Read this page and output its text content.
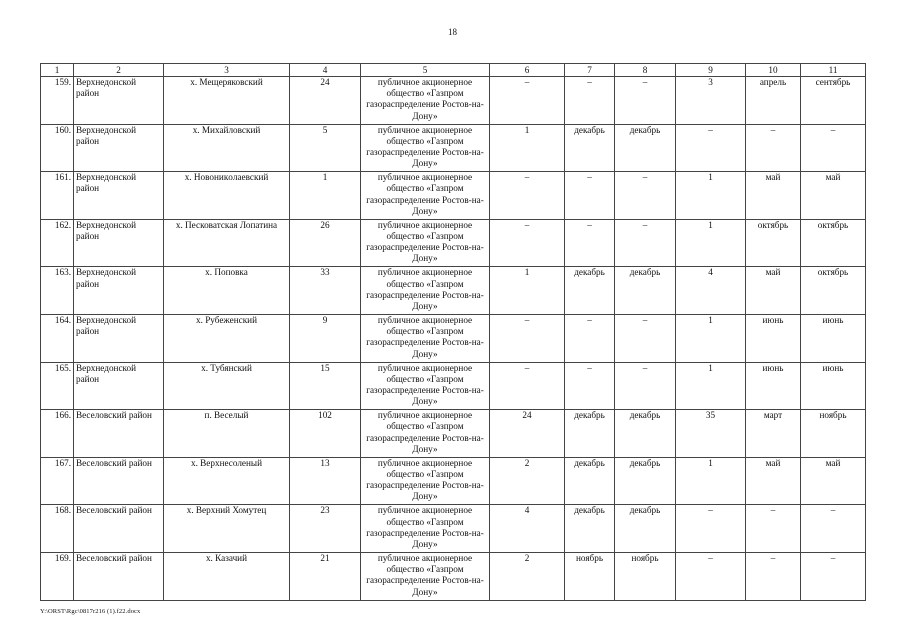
18
1	2	3	4	5	6	7	8	9	10	11
159.	Верхнедонской район	х. Мещеряковский	24	публичное акционерное общество «Газпром газораспределение Ростов-на-Дону»	–	–	–	3	апрель	сентябрь
160.	Верхнедонской район	х. Михайловский	5	публичное акционерное общество «Газпром газораспределение Ростов-на-Дону»	1	декабрь	декабрь	–	–	–
161.	Верхнедонской район	х. Новоникoлаевский	1	публичное акционерное общество «Газпром газораспределение Ростов-на-Дону»	–	–	–	1	май	май
162.	Верхнедонской район	х. Песковатская Лопатина	26	публичное акционерное общество «Газпром газораспределение Ростов-на-Дону»	–	–	–	1	октябрь	октябрь
163.	Верхнедонской район	х. Поповка	33	публичное акционерное общество «Газпром газораспределение Ростов-на-Дону»	1	декабрь	декабрь	4	май	октябрь
164.	Верхнедонской район	х. Рубеженский	9	публичное акционерное общество «Газпром газораспределение Ростов-на-Дону»	–	–	–	1	июнь	июнь
165.	Верхнедонской район	х. Тубянский	15	публичное акционерное общество «Газпром газораспределение Ростов-на-Дону»	–	–	–	1	июнь	июнь
166.	Веселовский район	п. Веселый	102	публичное акционерное общество «Газпром газораспределение Ростов-на-Дону»	24	декабрь	декабрь	35	март	ноябрь
167.	Веселовский район	х. Верхнесоленый	13	публичное акционерное общество «Газпром газораспределение Ростов-на-Дону»	2	декабрь	декабрь	1	май	май
168.	Веселовский район	х. Верхний Хомутец	23	публичное акционерное общество «Газпром газораспределение Ростов-на-Дону»	4	декабрь	декабрь	–	–	–
169.	Веселовский район	х. Казачий	21	публичное акционерное общество «Газпром газораспределение Ростов-на-Дону»	2	ноябрь	ноябрь	–	–	–
Y:\ORST\Rgc\0817r216 (1).f22.docx
